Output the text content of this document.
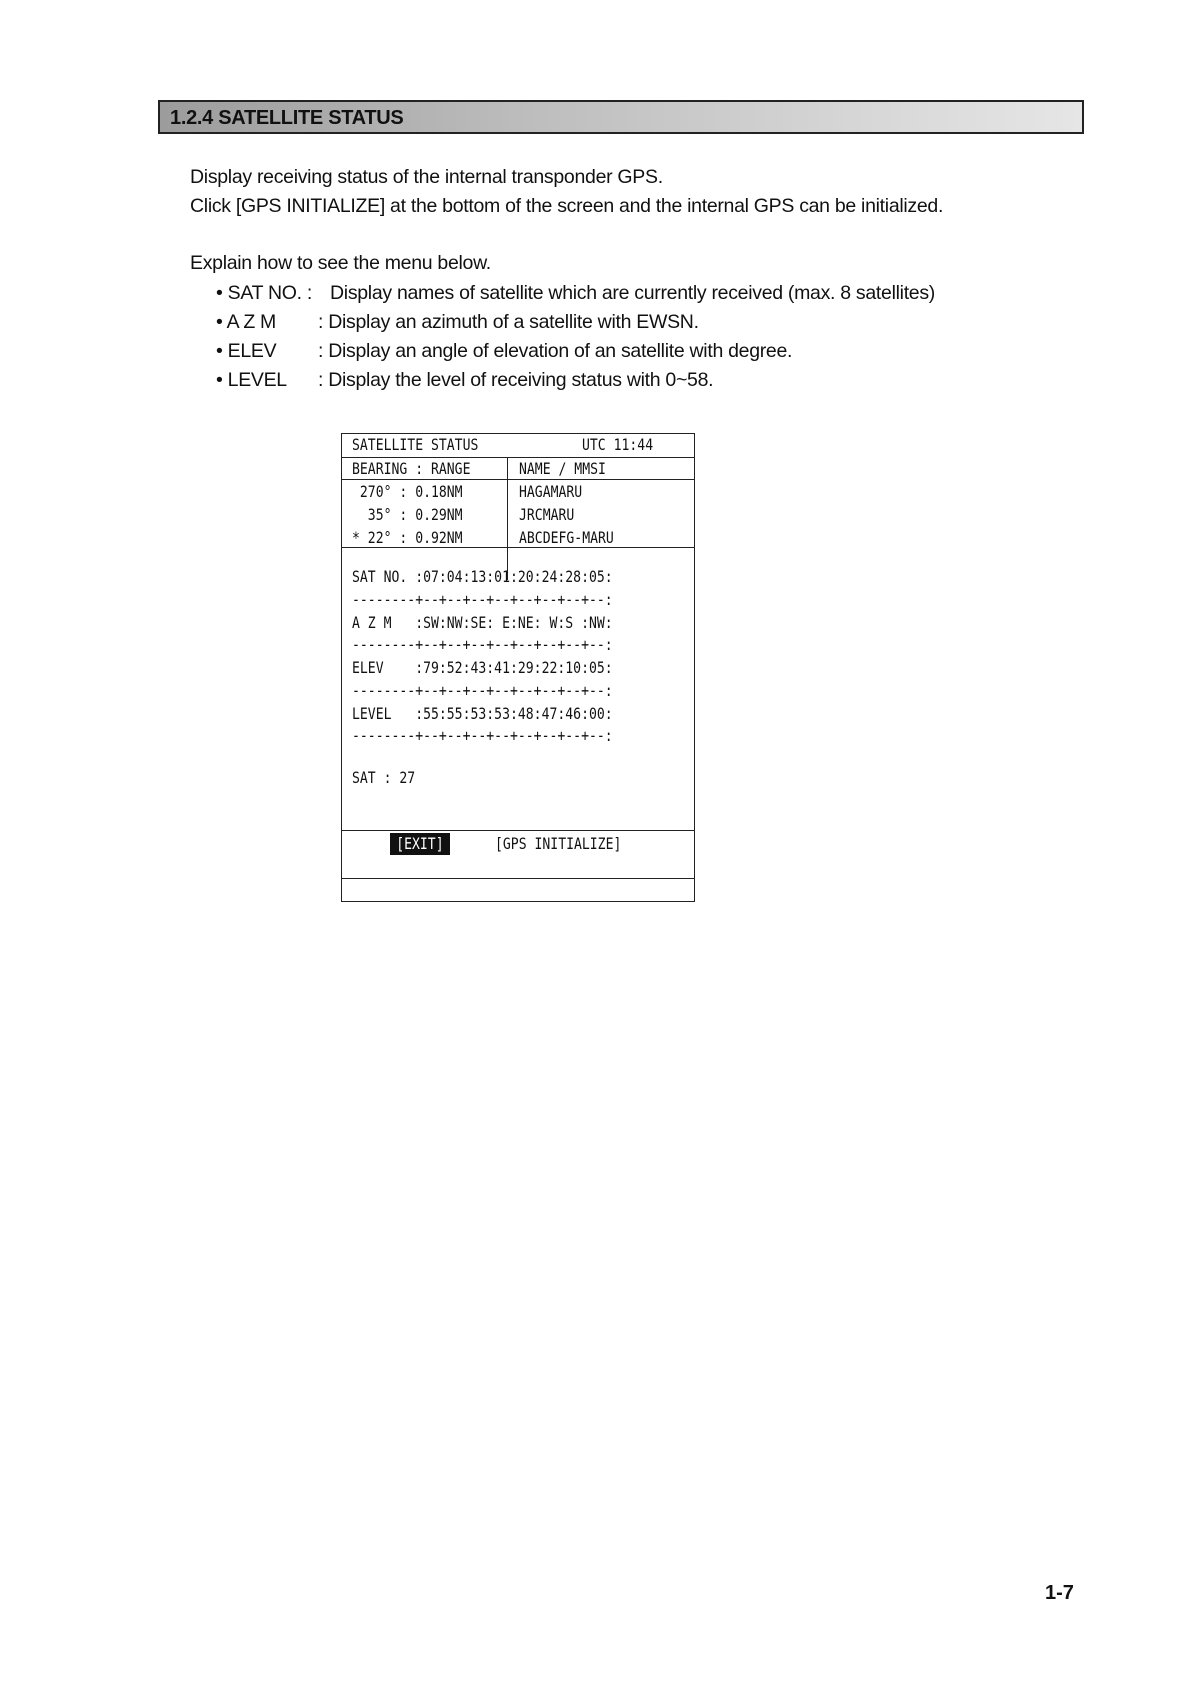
1.2.4 SATELLITE STATUS
Display receiving status of the internal transponder GPS.
Click [GPS INITIALIZE] at the bottom of the screen and the internal GPS can be initialized.
Explain how to see the menu below.
• SAT NO. : Display names of satellite which are currently received (max. 8 satellites)
• A Z M : Display an azimuth of a satellite with EWSN.
• ELEV : Display an angle of elevation of an satellite with degree.
• LEVEL : Display the level of receiving status with 0~58.
SATELLITE STATUS	UTC 11:44
BEARING : RANGE	NAME / MMSI
270° : 0.18NM	HAGAMARU
35° : 0.29NM	JRCMARU
* 22° : 0.92NM	ABCDEFG-MARU
SAT NO. :07:04:13:01:20:24:28:05:
--------+--+--+--+--+--+--+--+--:
A Z M   :SW:NW:SE: E:NE: W:S :NW:
--------+--+--+--+--+--+--+--+--:
ELEV    :79:52:43:41:29:22:10:05:
--------+--+--+--+--+--+--+--+--:
LEVEL   :55:55:53:53:48:47:46:00:
--------+--+--+--+--+--+--+--+--:
SAT : 27
[EXIT]	[GPS INITIALIZE]
1-7
